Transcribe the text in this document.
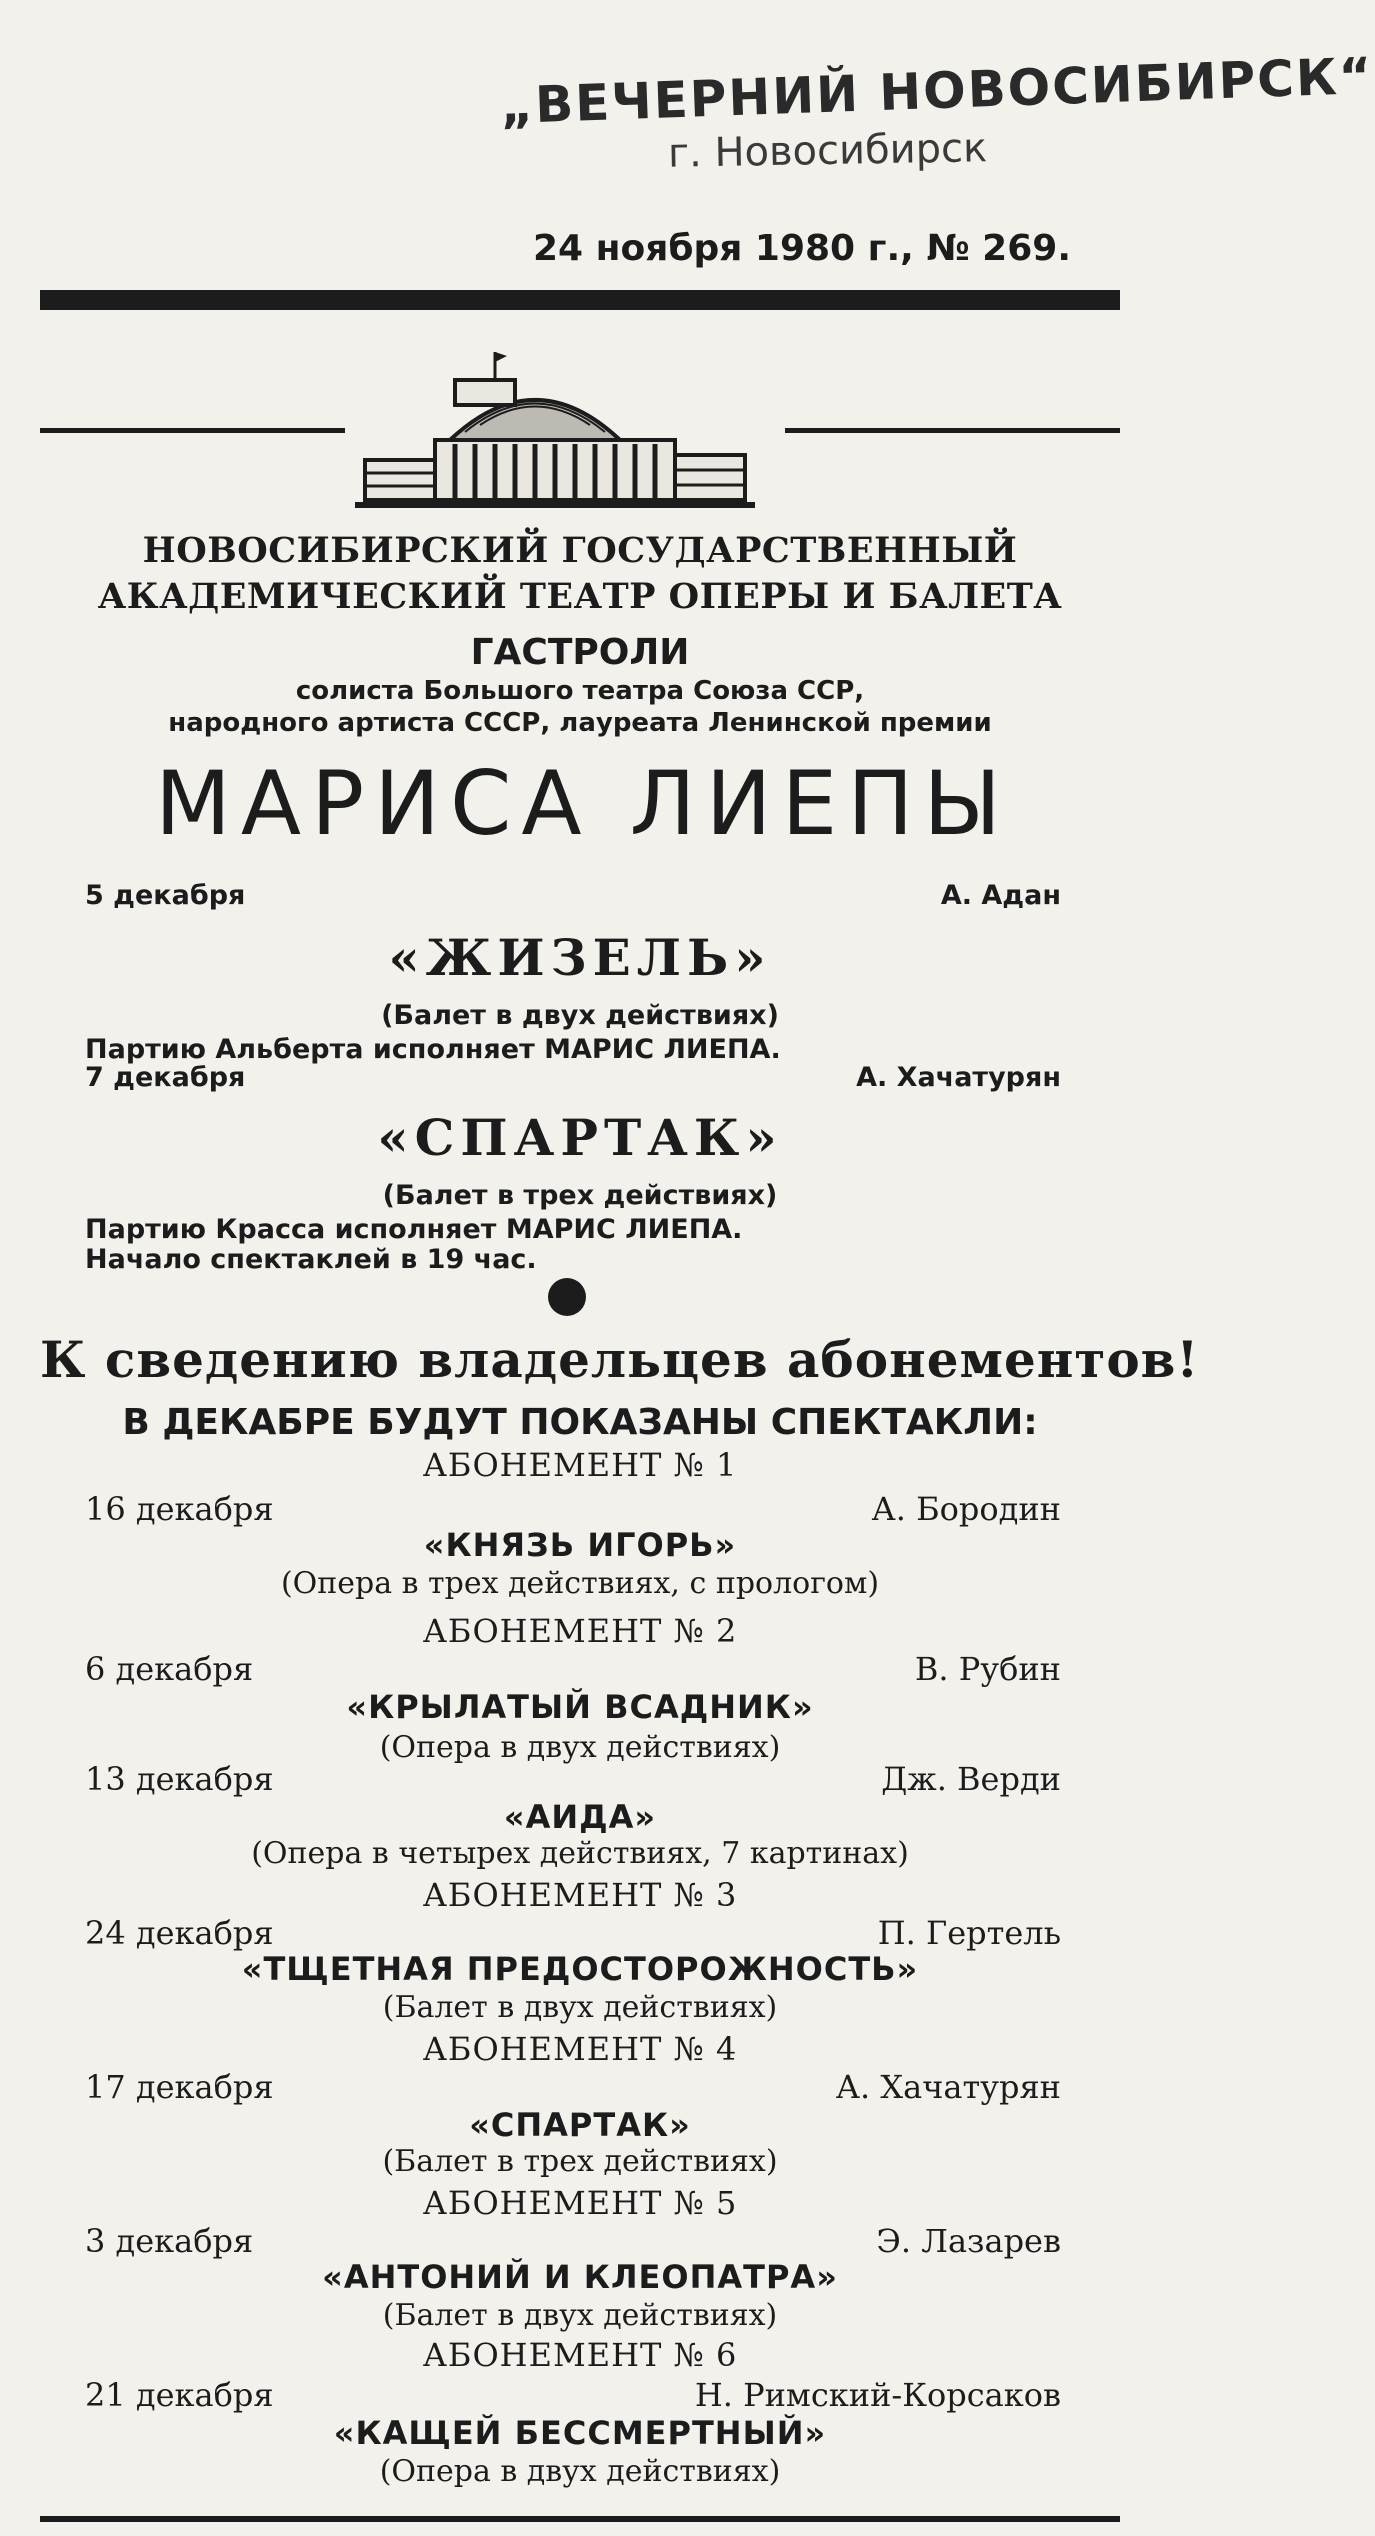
„ВЕЧЕРНИЙ НОВОСИБИРСК“
г. Новосибирск
24 ноября 1980 г., № 269.
НОВОСИБИРСКИЙ ГОСУДАРСТВЕННЫЙ
АКАДЕМИЧЕСКИЙ ТЕАТР ОПЕРЫ И БАЛЕТА
ГАСТРОЛИ
солиста Большого театра Союза ССР,
народного артиста СССР, лауреата Ленинской премии
МАРИСА ЛИЕПЫ
5 декабря	А. Адан
«ЖИЗЕЛЬ»
(Балет в двух действиях)
Партию Альберта исполняет МАРИС ЛИЕПА.
7 декабря	А. Хачатурян
«СПАРТАК»
(Балет в трех действиях)
Партию Красса исполняет МАРИС ЛИЕПА.
Начало спектаклей в 19 час.
К сведению владельцев абонементов!
В ДЕКАБРЕ БУДУТ ПОКАЗАНЫ СПЕКТАКЛИ:
АБОНЕМЕНТ № 1
16 декабря	А. Бородин
«КНЯЗЬ ИГОРЬ»
(Опера в трех действиях, с прологом)
АБОНЕМЕНТ № 2
6 декабря	В. Рубин
«КРЫЛАТЫЙ ВСАДНИК»
(Опера в двух действиях)
13 декабря	Дж. Верди
«АИДА»
(Опера в четырех действиях, 7 картинах)
АБОНЕМЕНТ № 3
24 декабря	П. Гертель
«ТЩЕТНАЯ ПРЕДОСТОРОЖНОСТЬ»
(Балет в двух действиях)
АБОНЕМЕНТ № 4
17 декабря	А. Хачатурян
«СПАРТАК»
(Балет в трех действиях)
АБОНЕМЕНТ № 5
3 декабря	Э. Лазарев
«АНТОНИЙ И КЛЕОПАТРА»
(Балет в двух действиях)
АБОНЕМЕНТ № 6
21 декабря	Н. Римский-Корсаков
«КАЩЕЙ БЕССМЕРТНЫЙ»
(Опера в двух действиях)
